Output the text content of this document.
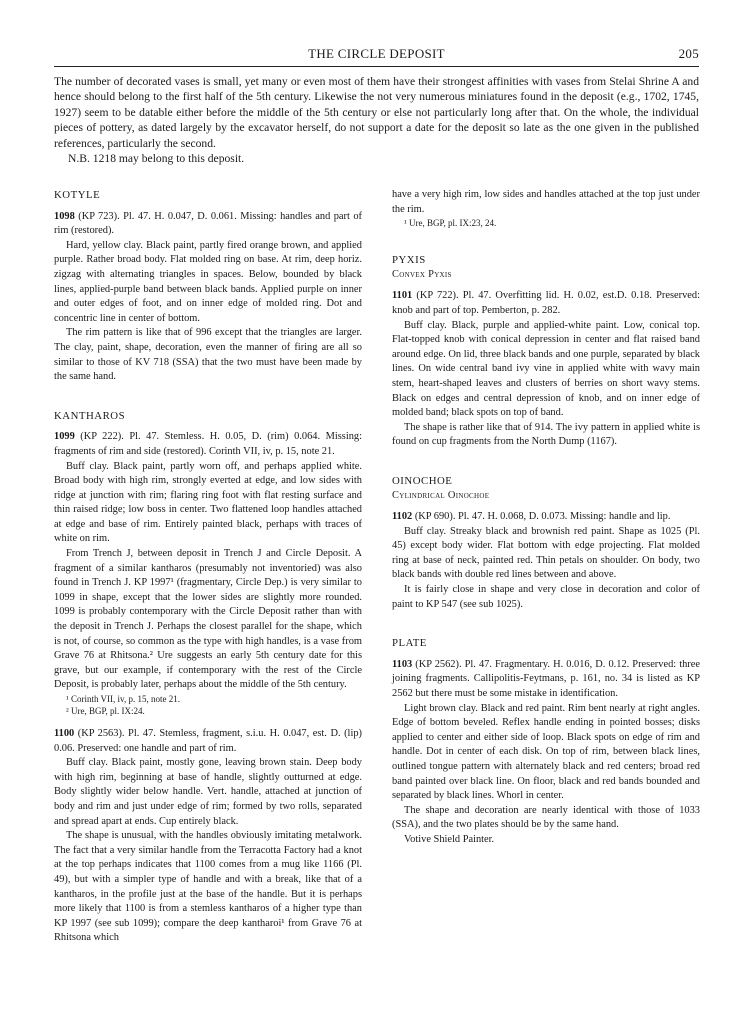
THE CIRCLE DEPOSIT	205

The number of decorated vases is small, yet many or even most of them have their strongest affinities with vases from Stelai Shrine A and hence should belong to the first half of the 5th century. Likewise the not very numerous miniatures found in the deposit (e.g., 1702, 1745, 1927) seem to be datable either before the middle of the 5th century or else not particularly long after that. On the whole, the individual pieces of pottery, as dated largely by the excavator herself, do not support a date for the deposit so late as the one given in the published references, particularly the second.

N.B. 1218 may belong to this deposit.

KOTYLE

1098 (KP 723). Pl. 47. H. 0.047, D. 0.061. Missing: handles and part of rim (restored).

Hard, yellow clay. Black paint, partly fired orange brown, and applied purple. Rather broad body. Flat molded ring on base. At rim, deep horiz. zigzag with alternating triangles in spaces. Below, bounded by black lines, applied-purple band between black bands. Applied purple on inner and outer edges of foot, and on inner edge of molded ring. Dot and concentric line in center of bottom.

The rim pattern is like that of 996 except that the triangles are larger. The clay, paint, shape, decoration, even the manner of firing are all so similar to those of KV 718 (SSA) that the two must have been made by the same hand.

KANTHAROS

1099 (KP 222). Pl. 47. Stemless. H. 0.05, D. (rim) 0.064. Missing: fragments of rim and side (restored). Corinth VII, iv, p. 15, note 21.

Buff clay. Black paint, partly worn off, and perhaps applied white. Broad body with high rim, strongly everted at edge, and low sides with ridge at junction with rim; flaring ring foot with flat resting surface and thin raised ridge; low boss in center. Two flattened loop handles attached at edge and base of rim. Entirely painted black, perhaps with traces of white on rim.

From Trench J, between deposit in Trench J and Circle Deposit. A fragment of a similar kantharos (presumably not inventoried) was also found in Trench J. KP 1997¹ (fragmentary, Circle Dep.) is very similar to 1099 in shape, except that the lower sides are slightly more rounded. 1099 is probably contemporary with the Circle Deposit rather than with the deposit in Trench J. Perhaps the closest parallel for the shape, which is not, of course, so common as the type with high handles, is a vase from Grave 76 at Rhitsona.² Ure suggests an early 5th century date for this grave, but our example, if contemporary with the rest of the Circle Deposit, is probably later, perhaps about the middle of the 5th century.

¹ Corinth VII, iv, p. 15, note 21.

² Ure, BGP, pl. IX:24.

1100 (KP 2563). Pl. 47. Stemless, fragment, s.i.u. H. 0.047, est. D. (lip) 0.06. Preserved: one handle and part of rim.

Buff clay. Black paint, mostly gone, leaving brown stain. Deep body with high rim, beginning at base of handle, slightly outturned at edge. Body slightly wider below handle. Vert. handle, attached at junction of body and rim and just under edge of rim; formed by two rolls, separated and spread apart at ends. Cup entirely black.

The shape is unusual, with the handles obviously imitating metalwork. The fact that a very similar handle from the Terracotta Factory had a knot at the top perhaps indicates that 1100 comes from a mug like 1166 (Pl. 49), but with a simpler type of handle and with a break, like that of a kantharos, in the profile just at the base of the handle. But it is perhaps more likely that 1100 is from a stemless kantharos of a higher type than KP 1997 (see sub 1099); compare the deep kantharoi¹ from Grave 76 at Rhitsona which

have a very high rim, low sides and handles attached at the top just under the rim.

¹ Ure, BGP, pl. IX:23, 24.

PYXIS

Convex Pyxis

1101 (KP 722). Pl. 47. Overfitting lid. H. 0.02, est.D. 0.18. Preserved: knob and part of top. Pemberton, p. 282.

Buff clay. Black, purple and applied-white paint. Low, conical top. Flat-topped knob with conical depression in center and flat raised band around edge. On lid, three black bands and one purple, separated by black lines. On wide central band ivy vine in applied white with wavy main stem, heart-shaped leaves and clusters of berries on short wavy stems. Black on edges and central depression of knob, and on inner edge of molded band; black spots on top of band.

The shape is rather like that of 914. The ivy pattern in applied white is found on cup fragments from the North Dump (1167).

OINOCHOE

Cylindrical Oinochoe

1102 (KP 690). Pl. 47. H. 0.068, D. 0.073. Missing: handle and lip.

Buff clay. Streaky black and brownish red paint. Shape as 1025 (Pl. 45) except body wider. Flat bottom with edge projecting. Flat molded ring at base of neck, painted red. Thin petals on shoulder. On body, two black bands with double red lines between and above.

It is fairly close in shape and very close in decoration and color of paint to KP 547 (see sub 1025).

PLATE

1103 (KP 2562). Pl. 47. Fragmentary. H. 0.016, D. 0.12. Preserved: three joining fragments. Callipolitis-Feytmans, p. 161, no. 34 is listed as KP 2562 but there must be some mistake in identification.

Light brown clay. Black and red paint. Rim bent nearly at right angles. Edge of bottom beveled. Reflex handle ending in pointed bosses; disks applied to center and either side of loop. Black spots on edge of rim and handle. Dot in center of each disk. On top of rim, between black lines, outlined tongue pattern with alternately black and red centers; broad red band painted over black line. On floor, black and red bands bounded and separated by black lines. Whorl in center.

The shape and decoration are nearly identical with those of 1033 (SSA), and the two plates should be by the same hand.

Votive Shield Painter.
